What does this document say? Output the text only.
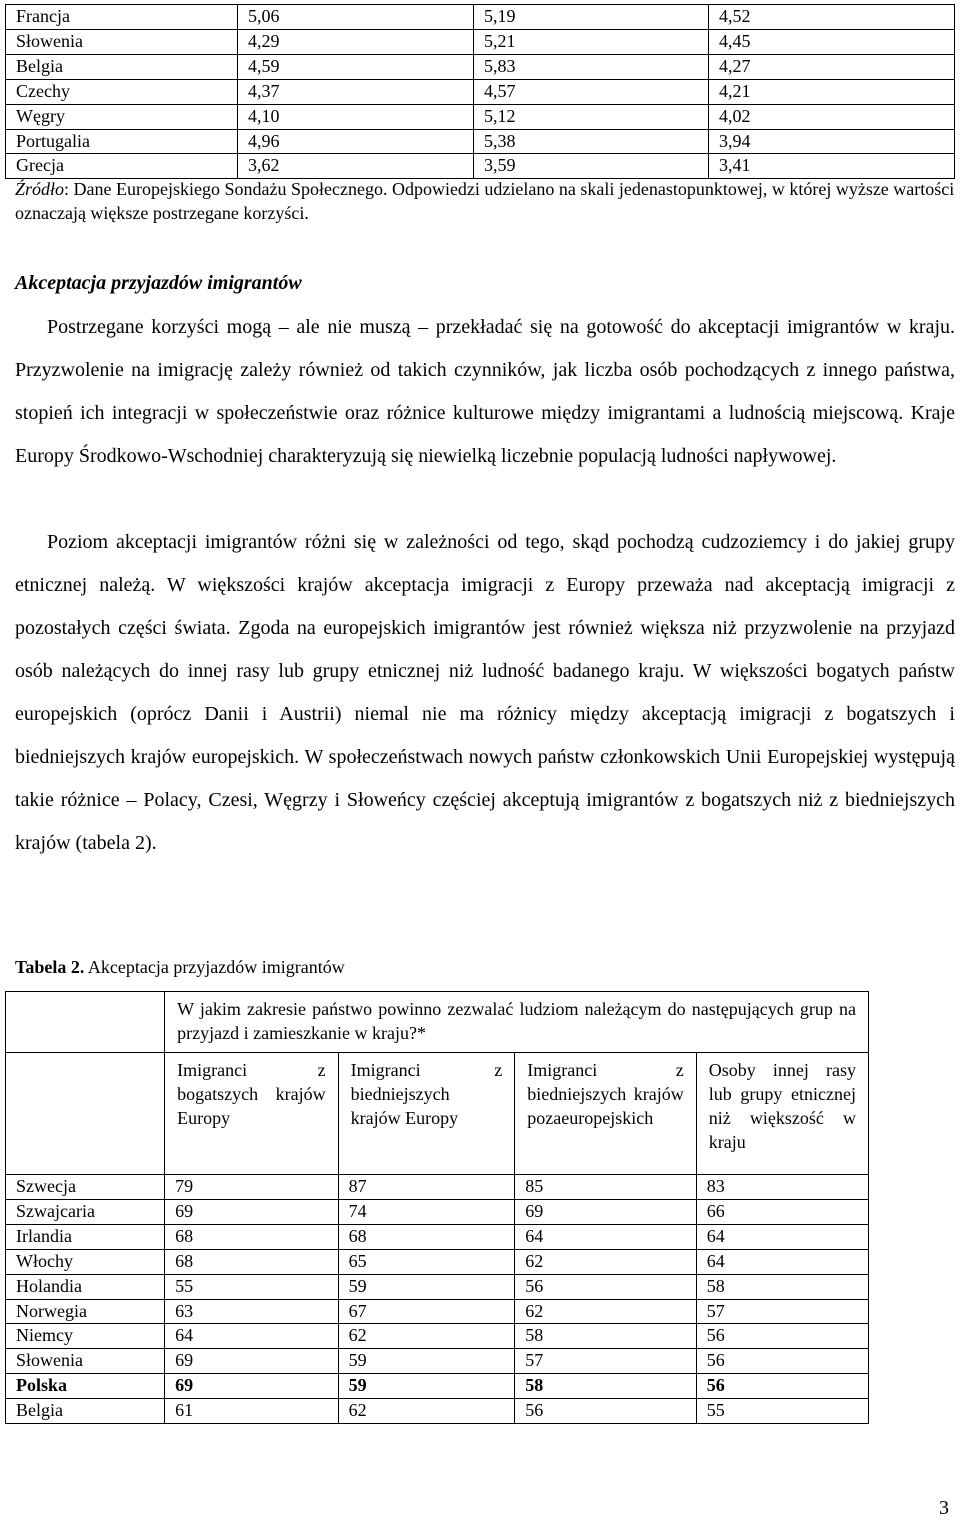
Francja	5,06	5,19	4,52
Słowenia	4,29	5,21	4,45
Belgia	4,59	5,83	4,27
Czechy	4,37	4,57	4,21
Węgry	4,10	5,12	4,02
Portugalia	4,96	5,38	3,94
Grecja	3,62	3,59	3,41
Źródło: Dane Europejskiego Sondażu Społecznego. Odpowiedzi udzielano na skali jedenastopunktowej, w której wyższe wartości oznaczają większe postrzegane korzyści.
Akceptacja przyjazdów imigrantów

Postrzegane korzyści mogą – ale nie muszą – przekładać się na gotowość do akceptacji imigrantów w kraju. Przyzwolenie na imigrację zależy również od takich czynników, jak liczba osób pochodzących z innego państwa, stopień ich integracji w społeczeństwie oraz różnice kulturowe między imigrantami a ludnością miejscową. Kraje Europy Środkowo-Wschodniej charakteryzują się niewielką liczebnie populacją ludności napływowej.

Poziom akceptacji imigrantów różni się w zależności od tego, skąd pochodzą cudzoziemcy i do jakiej grupy etnicznej należą. W większości krajów akceptacja imigracji z Europy przeważa nad akceptacją imigracji z pozostałych części świata. Zgoda na europejskich imigrantów jest również większa niż przyzwolenie na przyjazd osób należących do innej rasy lub grupy etnicznej niż ludność badanego kraju. W większości bogatych państw europejskich (oprócz Danii i Austrii) niemal nie ma różnicy między akceptacją imigracji z bogatszych i biedniejszych krajów europejskich. W społeczeństwach nowych państw członkowskich Unii Europejskiej występują takie różnice – Polacy, Czesi, Węgrzy i Słoweńcy częściej akceptują imigrantów z bogatszych niż z biedniejszych krajów (tabela 2).

Tabela 2. Akceptacja przyjazdów imigrantów
	W jakim zakresie państwo powinno zezwalać ludziom należącym do następujących grup na przyjazd i zamieszkanie w kraju?*			
	Imigranci z bogatszych krajów Europy	Imigranci z biedniejszych krajów Europy	Imigranci z biedniejszych krajów pozaeuropejskich	Osoby innej rasy lub grupy etnicznej niż większość w kraju
Szwecja	79	87	85	83
Szwajcaria	69	74	69	66
Irlandia	68	68	64	64
Włochy	68	65	62	64
Holandia	55	59	56	58
Norwegia	63	67	62	57
Niemcy	64	62	58	56
Słowenia	69	59	57	56
Polska	69	59	58	56
Belgia	61	62	56	55
3
